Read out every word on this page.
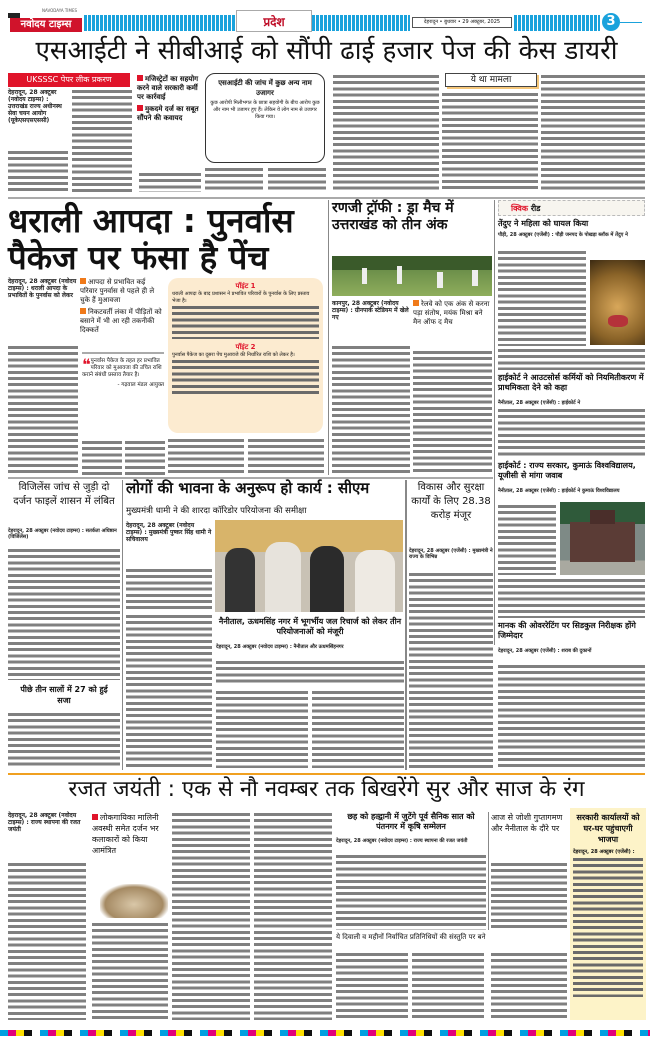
NAVODAYA TIMES
नवोदय टाइम्स	प्रदेश	देहरादून • बुधवार • 29 अक्टूबर, 2025	3
एसआईटी ने सीबीआई को सौंपी ढाई हजार पेज की केस डायरी
UKSSSC पेपर लीक प्रकरण
देहरादून, 28 अक्टूबर (नवोदय टाइम्स) : उत्तराखंड राज्य अधीनस्थ सेवा चयन आयोग (यूकेएसएसएससी)
मजिस्ट्रेटों का सहयोग करने वाले सरकारी कर्मी पर कार्रवाई
मुकदमे दर्ज का सबूत सौंपने की कवायद
एसआईटी की जांच में कुछ अन्य नाम उजागर
कुछ आरोपी मिलीभगत के छात्रा सहयोगी के बीच आरोप कुछ और नाम भी उजागर हुए हैं। लेकिन वे लोग नाम से उजागर किया गया।
ये था मामला
धराली आपदा : पुनर्वास पैकेज पर फंसा है पेंच
देहरादून, 28 अक्टूबर (नवोदय टाइम्स) : धराली आपदा के प्रभावितों के पुनर्वास को लेकर
आपदा से प्रभावित कई परिवार पुनर्वास से पहले ही ले चुके हैं मुआवजा
निकटवर्ती लंका में पीड़ितों को बसाने में भी आ रही तकनीकी दिक्कतें
❝ पुनर्वास पैकेज के तहत हर प्रभावित परिवार को मुआवजा की उचित राशि कराने संबंधी प्रस्ताव तैयार है।
- गढ़वाल मंडल आयुक्त
पॉइंट 1
धराली आपदा के बाद प्रशासन ने प्रभावित परिवारों के पुनर्वास के लिए प्रस्ताव भेजा है।
पॉइंट 2
पुनर्वास पैकेज का दूसरा पेंच मुआवजे की निर्धारित राशि को लेकर है।
रणजी ट्रॉफी : ड्रा मैच में उत्तराखंड को तीन अंक
कानपुर, 28 अक्टूबर (नवोदय टाइम्स) : ग्रीनपार्क स्टेडियम में खेले गए
रेलवे को एक अंक से करना पड़ा संतोष, मयंक मिश्रा बने मैन ऑफ द मैच
क्विक रीड
तेंदुए ने महिला को घायल किया
पौड़ी, 28 अक्टूबर (एजेंसी) : पौड़ी जनपद के पोखड़ा ब्लॉक में तेंदुए ने
हाईकोर्ट ने आउटसोर्स कर्मियों को नियमितीकरण में प्राथमिकता देने को कहा
नैनीताल, 28 अक्टूबर (एजेंसी) : हाईकोर्ट ने
हाईकोर्ट : राज्य सरकार, कुमाऊं विश्वविद्यालय, यूजीसी से मांगा जवाब
नैनीताल, 28 अक्टूबर (एजेंसी) : हाईकोर्ट ने कुमाऊं विश्वविद्यालय
मानक की ओवररेटिंग पर सिडकुल निरीक्षक होंगे जिम्मेदार
देहरादून, 28 अक्टूबर (एजेंसी) : शराब की दुकानों
विजिलेंस जांच से जुड़ी दो दर्जन फाइलें शासन में लंबित
देहरादून, 28 अक्टूबर (नवोदय टाइम्स) : सतर्कता अधिष्ठान (विजिलेंस)
पीछे तीन सालों में 27 को हुई सजा
लोगों की भावना के अनुरूप हो कार्य : सीएम
मुख्यमंत्री धामी ने की शारदा कॉरिडोर परियोजना की समीक्षा
देहरादून, 28 अक्टूबर (नवोदय टाइम्स) : मुख्यमंत्री पुष्कर सिंह धामी ने सचिवालय
नैनीताल, ऊधमसिंह नगर में भूगर्भीय जल रिचार्ज को लेकर तीन परियोजनाओं को मंजूरी
देहरादून, 28 अक्टूबर (नवोदय टाइम्स) : नैनीताल और ऊधमसिंहनगर
विकास और सुरक्षा कार्यों के लिए 28.38 करोड़ मंजूर
देहरादून, 28 अक्टूबर (एजेंसी) : मुख्यमंत्री ने राज्य के विभिन्न
रजत जयंती : एक से नौ नवम्बर तक बिखरेंगे सुर और साज के रंग
देहरादून, 28 अक्टूबर (नवोदय टाइम्स) : राज्य स्थापना की रजत जयंती
लोकगायिका मालिनी अवस्थी समेत दर्जन भर कलाकारों को किया आमंत्रित
छह को हल्द्वानी में जुटेंगे पूर्व सैनिक सात को पंतनगर में कृषि सम्मेलन
देहरादून, 28 अक्टूबर (नवोदय टाइम्स) : राज्य स्थापना की रजत जयंती
ये दिवाली व महीनों निर्वाचित प्रतिनिधियों की संस्तुति पर बने
आज से जोशी गुप्तागमण और नैनीताल के दौरे पर
सरकारी कार्यालयों को घर-घर पहुंचाएगी भाजपा
देहरादून, 28 अक्टूबर (एजेंसी) :
